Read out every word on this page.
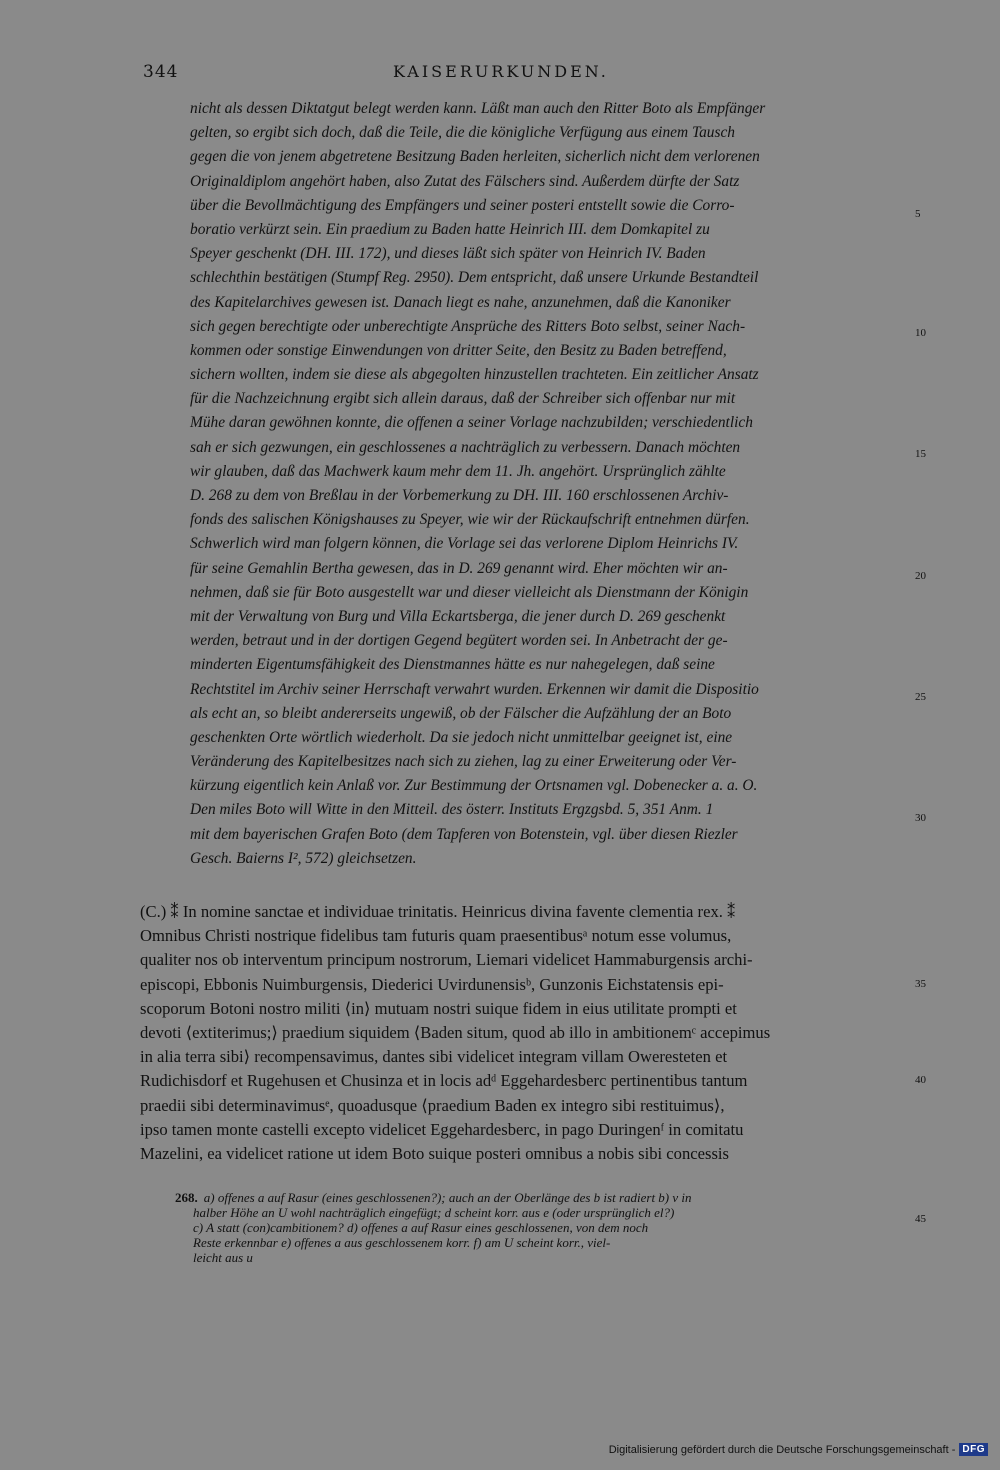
344	KAISERURKUNDEN.
nicht als dessen Diktatgut belegt werden kann. Läßt man auch den Ritter Boto als Empfänger
gelten, so ergibt sich doch, daß die Teile, die die königliche Verfügung aus einem Tausch
gegen die von jenem abgetretene Besitzung Baden herleiten, sicherlich nicht dem verlorenen
Originaldiplom angehört haben, also Zutat des Fälschers sind. Außerdem dürfte der Satz
über die Bevollmächtigung des Empfängers und seiner posteri entstellt sowie die Corro-
boratio verkürzt sein. Ein praedium zu Baden hatte Heinrich III. dem Domkapitel zu
Speyer geschenkt (DH. III. 172), und dieses läßt sich später von Heinrich IV. Baden
schlechthin bestätigen (Stumpf Reg. 2950). Dem entspricht, daß unsere Urkunde Bestandteil
des Kapitelarchives gewesen ist. Danach liegt es nahe, anzunehmen, daß die Kanoniker
sich gegen berechtigte oder unberechtigte Ansprüche des Ritters Boto selbst, seiner Nach-
kommen oder sonstige Einwendungen von dritter Seite, den Besitz zu Baden betreffend,
sichern wollten, indem sie diese als abgegolten hinzustellen trachteten. Ein zeitlicher Ansatz
für die Nachzeichnung ergibt sich allein daraus, daß der Schreiber sich offenbar nur mit
Mühe daran gewöhnen konnte, die offenen a seiner Vorlage nachzubilden; verschiedentlich
sah er sich gezwungen, ein geschlossenes a nachträglich zu verbessern. Danach möchten
wir glauben, daß das Machwerk kaum mehr dem 11. Jh. angehört. Ursprünglich zählte
D. 268 zu dem von Breßlau in der Vorbemerkung zu DH. III. 160 erschlossenen Archiv-
fonds des salischen Königshauses zu Speyer, wie wir der Rückaufschrift entnehmen dürfen.
Schwerlich wird man folgern können, die Vorlage sei das verlorene Diplom Heinrichs IV.
für seine Gemahlin Bertha gewesen, das in D. 269 genannt wird. Eher möchten wir an-
nehmen, daß sie für Boto ausgestellt war und dieser vielleicht als Dienstmann der Königin
mit der Verwaltung von Burg und Villa Eckartsberga, die jener durch D. 269 geschenkt
werden, betraut und in der dortigen Gegend begütert worden sei. In Anbetracht der ge-
minderten Eigentumsfähigkeit des Dienstmannes hätte es nur nahegelegen, daß seine
Rechtstitel im Archiv seiner Herrschaft verwahrt wurden. Erkennen wir damit die Dispositio
als echt an, so bleibt andererseits ungewiß, ob der Fälscher die Aufzählung der an Boto
geschenkten Orte wörtlich wiederholt. Da sie jedoch nicht unmittelbar geeignet ist, eine
Veränderung des Kapitelbesitzes nach sich zu ziehen, lag zu einer Erweiterung oder Ver-
kürzung eigentlich kein Anlaß vor. Zur Bestimmung der Ortsnamen vgl. Dobenecker a. a. O.
Den miles Boto will Witte in den Mitteil. des österr. Instituts Ergzgsbd. 5, 351 Anm. 1
mit dem bayerischen Grafen Boto (dem Tapferen von Botenstein, vgl. über diesen Riezler
Gesch. Baierns I², 572) gleichsetzen.
(C.) ⁑ In nomine sanctae et individuae trinitatis. Heinricus divina favente clementia rex. ⁑
Omnibus Christi nostrique fidelibus tam futuris quam praesentibusᵃ notum esse volumus,
qualiter nos ob interventum principum nostrorum, Liemari videlicet Hammaburgensis archi-
episcopi, Ebbonis Nuimburgensis, Diederici Uvirdunensisᵇ, Gunzonis Eichstatensis epi-
scoporum Botoni nostro militi ⟨in⟩ mutuam nostri suique fidem in eius utilitate prompti et
devoti ⟨extiterimus;⟩ praedium siquidem ⟨Baden situm, quod ab illo in ambitionemᶜ accepimus
in alia terra sibi⟩ recompensavimus, dantes sibi videlicet integram villam Oweresteten et
Rudichisdorf et Rugehusen et Chusinza et in locis adᵈ Eggehardesberc pertinentibus tantum
praedii sibi determinavimusᵉ, quoadusque ⟨praedium Baden ex integro sibi restituimus⟩,
ipso tamen monte castelli excepto videlicet Eggehardesberc, in pago Duringenᶠ in comitatu
Mazelini, ea videlicet ratione ut idem Boto suique posteri omnibus a nobis sibi concessis
268. a) offenes a auf Rasur (eines geschlossenen?); auch an der Oberlänge des b ist radiert b) v in
halber Höhe an U wohl nachträglich eingefügt; d scheint korr. aus e (oder ursprünglich el?)
c) A statt (con)cambitionem? d) offenes a auf Rasur eines geschlossenen, von dem noch
Reste erkennbar e) offenes a aus geschlossenem korr. f) am U scheint korr., viel-
leicht aus u
5
10
15
20
25
30
35
40
45
Digitalisierung gefördert durch die Deutsche Forschungsgemeinschaft - DFG
